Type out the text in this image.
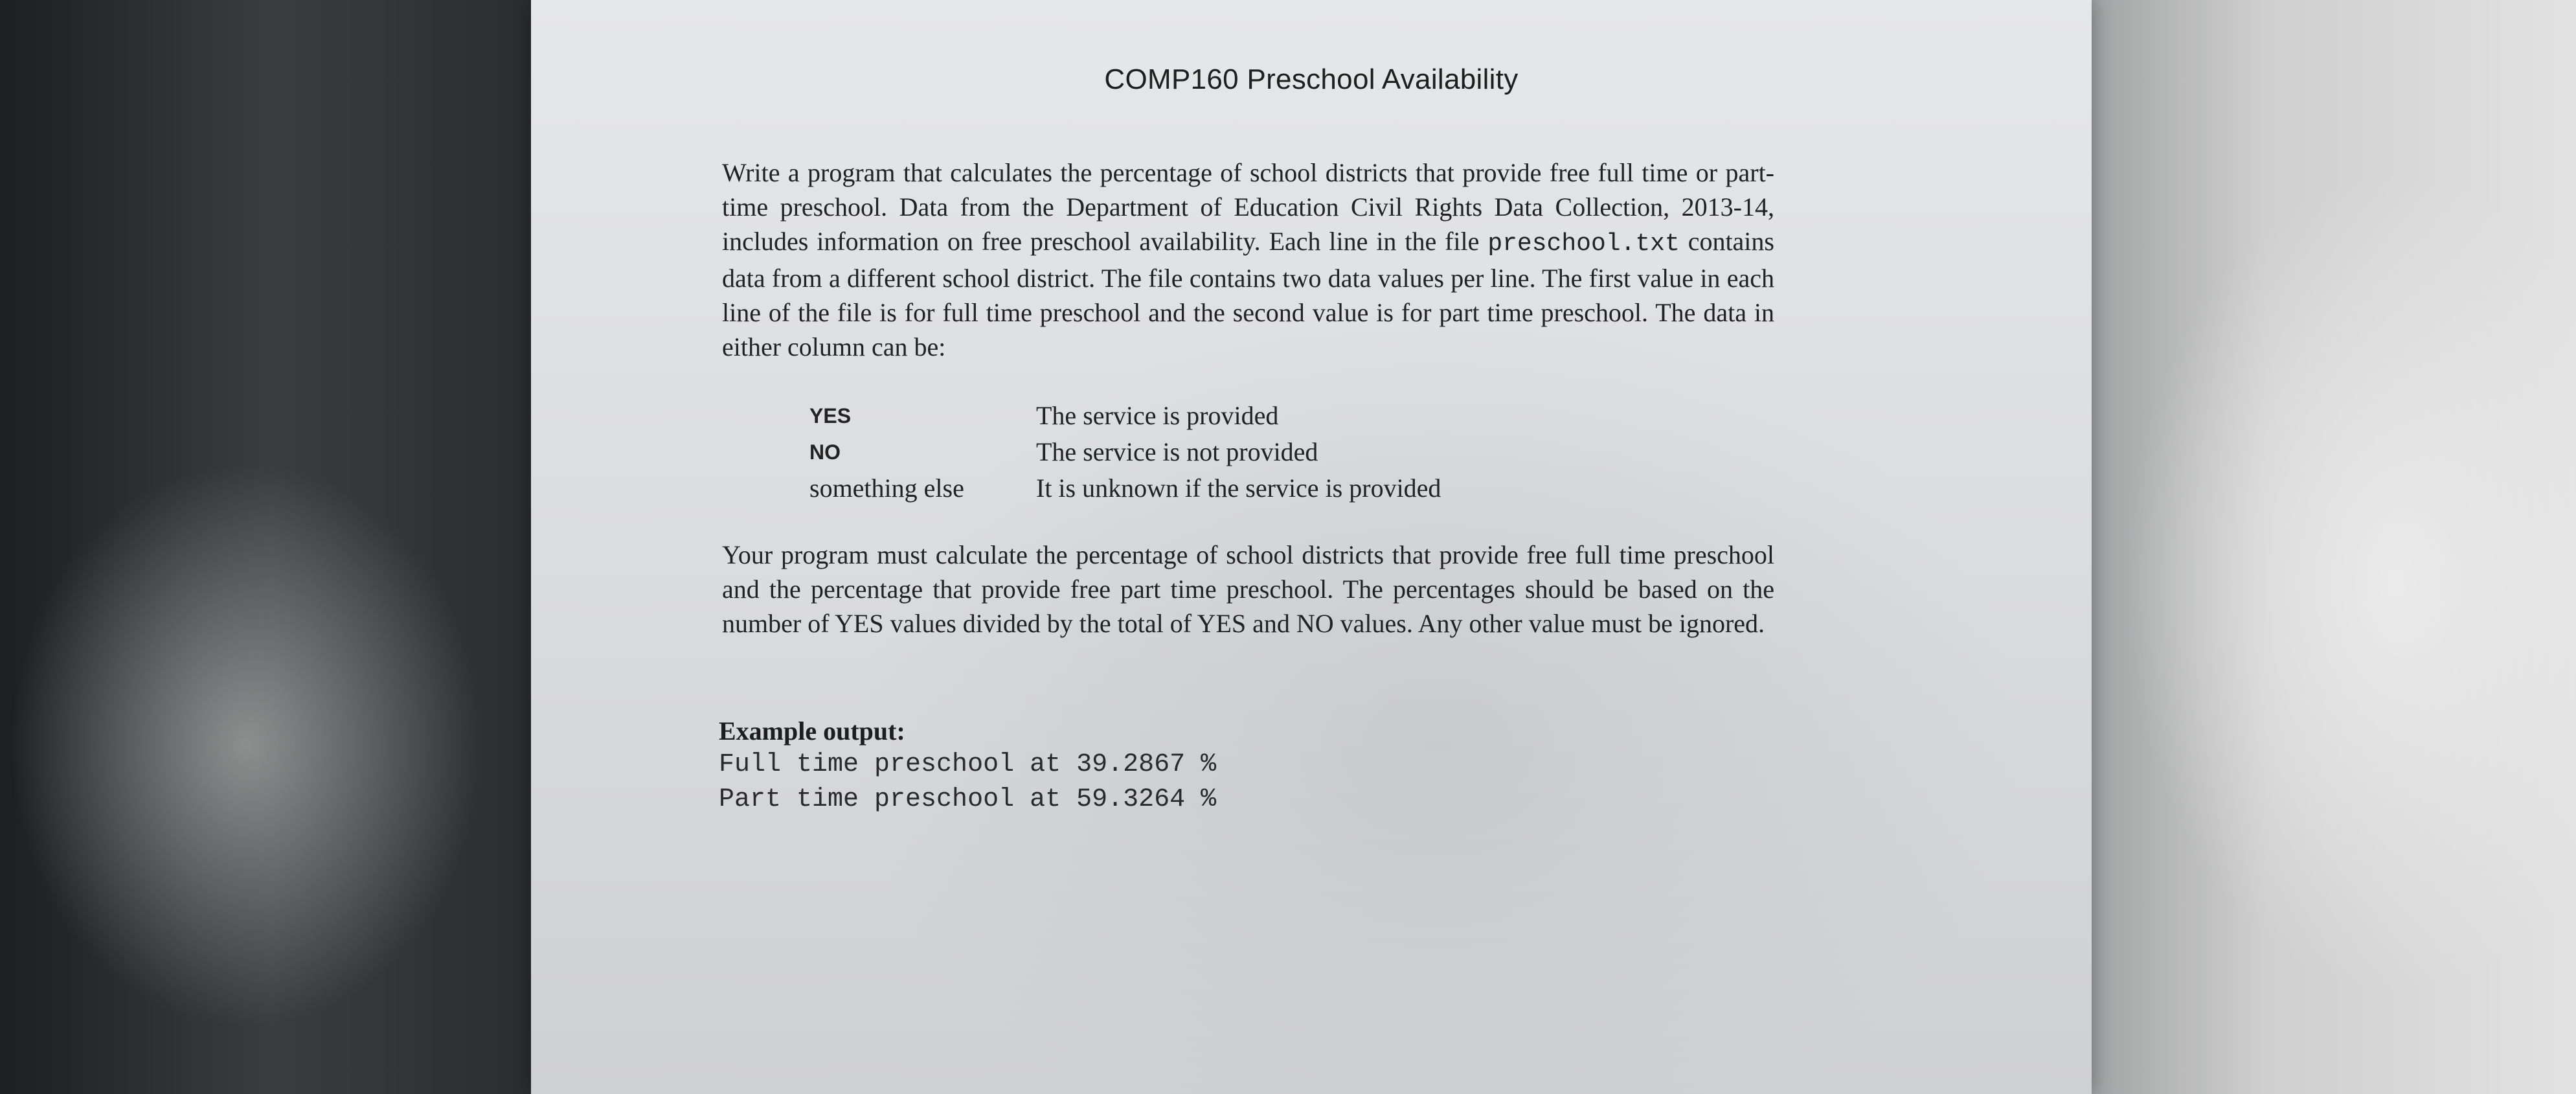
COMP160 Preschool Availability

Write a program that calculates the percentage of school districts that provide free full time or part-time preschool. Data from the Department of Education Civil Rights Data Collection, 2013-14, includes information on free preschool availability. Each line in the file preschool.txt contains data from a different school district. The file contains two data values per line. The first value in each line of the file is for full time preschool and the second value is for part time preschool. The data in either column can be:

YES	The service is provided
NO	The service is not provided
something else	It is unknown if the service is provided

Your program must calculate the percentage of school districts that provide free full time preschool and the percentage that provide free part time preschool. The percentages should be based on the number of YES values divided by the total of YES and NO values. Any other value must be ignored.

Example output:
Full time preschool at 39.2867 %
Part time preschool at 59.3264 %
